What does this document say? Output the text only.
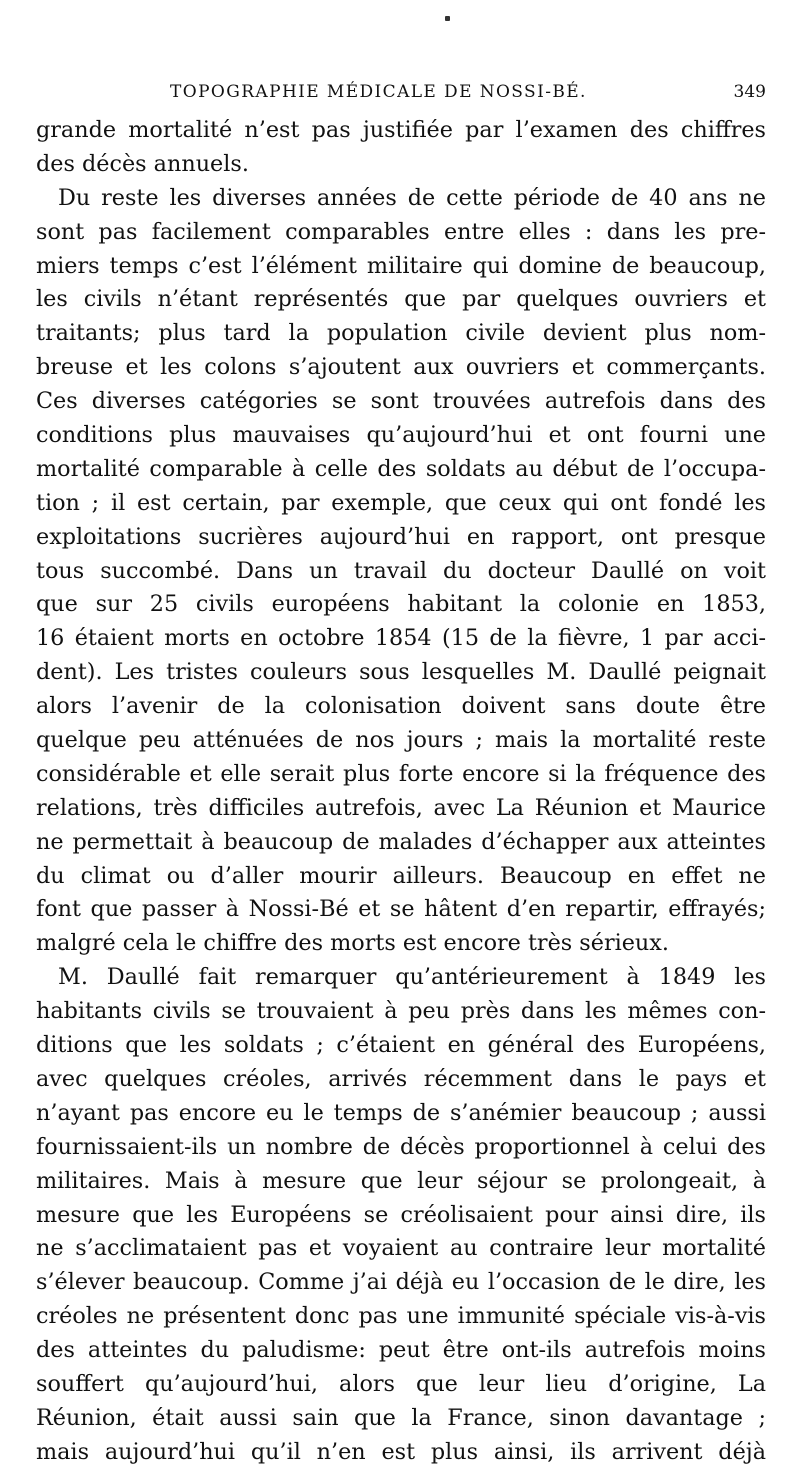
TOPOGRAPHIE MÉDICALE DE NOSSI-BÉ.	349
grande mortalité n’est pas justifiée par l’examen des chiffres
des décès annuels.
Du reste les diverses années de cette période de 40 ans ne
sont pas facilement comparables entre elles : dans les pre-
miers temps c’est l’élément militaire qui domine de beaucoup,
les civils n’étant représentés que par quelques ouvriers et
traitants; plus tard la population civile devient plus nom-
breuse et les colons s’ajoutent aux ouvriers et commerçants.
Ces diverses catégories se sont trouvées autrefois dans des
conditions plus mauvaises qu’aujourd’hui et ont fourni une
mortalité comparable à celle des soldats au début de l’occupa-
tion ; il est certain, par exemple, que ceux qui ont fondé les
exploitations sucrières aujourd’hui en rapport, ont presque
tous succombé. Dans un travail du docteur Daullé on voit
que sur 25 civils européens habitant la colonie en 1853,
16 étaient morts en octobre 1854 (15 de la fièvre, 1 par acci-
dent). Les tristes couleurs sous lesquelles M. Daullé peignait
alors l’avenir de la colonisation doivent sans doute être
quelque peu atténuées de nos jours ; mais la mortalité reste
considérable et elle serait plus forte encore si la fréquence des
relations, très difficiles autrefois, avec La Réunion et Maurice
ne permettait à beaucoup de malades d’échapper aux atteintes
du climat ou d’aller mourir ailleurs. Beaucoup en effet ne
font que passer à Nossi-Bé et se hâtent d’en repartir, effrayés;
malgré cela le chiffre des morts est encore très sérieux.
M. Daullé fait remarquer qu’antérieurement à 1849 les
habitants civils se trouvaient à peu près dans les mêmes con-
ditions que les soldats ; c’étaient en général des Européens,
avec quelques créoles, arrivés récemment dans le pays et
n’ayant pas encore eu le temps de s’anémier beaucoup ; aussi
fournissaient-ils un nombre de décès proportionnel à celui des
militaires. Mais à mesure que leur séjour se prolongeait, à
mesure que les Européens se créolisaient pour ainsi dire, ils
ne s’acclimataient pas et voyaient au contraire leur mortalité
s’élever beaucoup. Comme j’ai déjà eu l’occasion de le dire, les
créoles ne présentent donc pas une immunité spéciale vis-à-vis
des atteintes du paludisme: peut être ont-ils autrefois moins
souffert qu’aujourd’hui, alors que leur lieu d’origine, La
Réunion, était aussi sain que la France, sinon davantage ;
mais aujourd’hui qu’il n’en est plus ainsi, ils arrivent déjà
